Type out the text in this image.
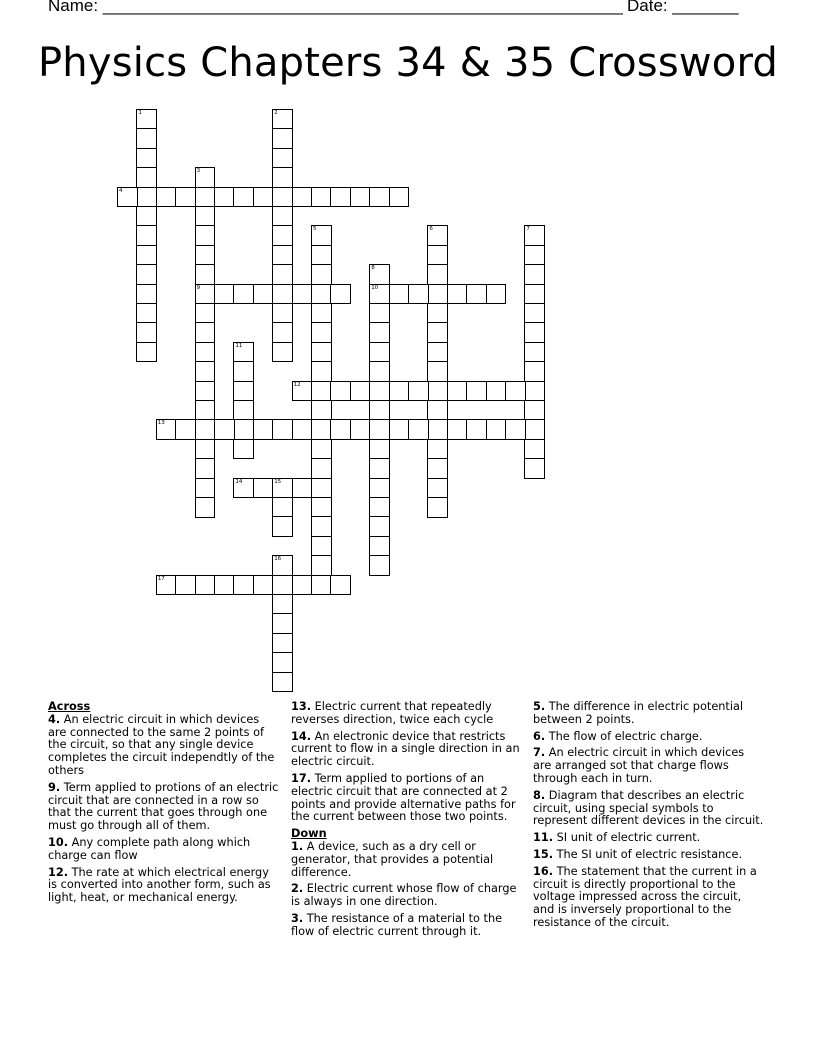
Name: _______________________________________________________ Date: _______
Physics Chapters 34 & 35 Crossword
1	2
3
9
4
5	6	7
8
10
11
12
13
14	15
16
17
Across
4. An electric circuit in which devices are connected to the same 2 points of the circuit, so that any single device completes the circuit independtly of the others
9. Term applied to protions of an electric circuit that are connected in a row so that the current that goes through one must go through all of them.
10. Any complete path along which charge can flow
12. The rate at which electrical energy is converted into another form, such as light, heat, or mechanical energy.
13. Electric current that repeatedly reverses direction, twice each cycle
14. An electronic device that restricts current to flow in a single direction in an electric circuit.
17. Term applied to portions of an electric circuit that are connected at 2 points and provide alternative paths for the current between those two points.
Down
1. A device, such as a dry cell or generator, that provides a potential difference.
2. Electric current whose flow of charge is always in one direction.
3. The resistance of a material to the flow of electric current through it.
5. The difference in electric potential between 2 points.
6. The flow of electric charge.
7. An electric circuit in which devices are arranged sot that charge flows through each in turn.
8. Diagram that describes an electric circuit, using special symbols to represent different devices in the circuit.
11. SI unit of electric current.
15. The SI unit of electric resistance.
16. The statement that the current in a circuit is directly proportional to the voltage impressed across the circuit, and is inversely proportional to the resistance of the circuit.
